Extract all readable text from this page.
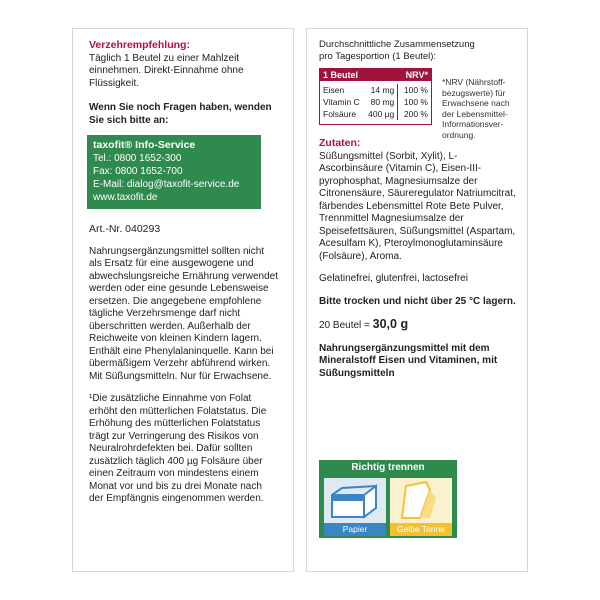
Verzehrempfehlung:

Täglich 1 Beutel zu einer Mahlzeit einnehmen. Direkt-Einnahme ohne Flüssigkeit.

Wenn Sie noch Fragen haben, wenden Sie sich bitte an:

taxofit® Info-Service
Tel.: 0800 1652-300
Fax: 0800 1652-700
E-Mail: dialog@taxofit-service.de
www.taxofit.de

Art.-Nr. 040293

Nahrungsergänzungsmittel sollten nicht als Ersatz für eine ausgewogene und abwechslungsreiche Ernährung verwendet werden oder eine gesunde Lebensweise ersetzen. Die angegebene empfohlene tägliche Verzehrsmenge darf nicht überschritten werden. Außerhalb der Reichweite von kleinen Kindern lagern. Enthält eine Phenylalaninquelle. Kann bei übermäßigem Verzehr abführend wirken. Mit Süßungsmitteln. Nur für Erwachsene.

¹Die zusätzliche Einnahme von Folat erhöht den mütterlichen Folatstatus. Die Erhöhung des mütterlichen Folatstatus trägt zur Verringerung des Risikos von Neuralrohrdefekten bei. Dafür sollten zusätzlich täglich 400 µg Folsäure über einen Zeitraum von mindestens einem Monat vor und bis zu drei Monate nach der Empfängnis eingenommen werden.

Durchschnittliche Zusammensetzung pro Tagesportion (1 Beutel):

1 Beutel	NRV*
Eisen	14 mg	100 %
Vitamin C	80 mg	100 %
Folsäure	400 µg	200 %

*NRV (Nährstoffbezugswerte) für Erwachsene nach der LebensmittelInformationsverordnung.

Zutaten:

Süßungsmittel (Sorbit, Xylit), L-Ascorbinsäure (Vitamin C), Eisen-III-pyrophosphat, Magnesiumsalze der Citronensäure, Säureregulator Natriumcitrat, färbendes Lebensmittel Rote Bete Pulver, Trennmittel Magnesiumsalze der Speisefettsäuren, Süßungsmittel (Aspartam, Acesulfam K), Pteroylmonoglutaminsäure (Folsäure), Aroma.

Gelatinefrei, glutenfrei, lactosefrei

Bitte trocken und nicht über 25 °C lagern.

20 Beutel = 30,0 g

Nahrungsergänzungsmittel mit dem Mineralstoff Eisen und Vitaminen, mit Süßungsmitteln

Richtig trennen
Papier	Gelbe Tonne
